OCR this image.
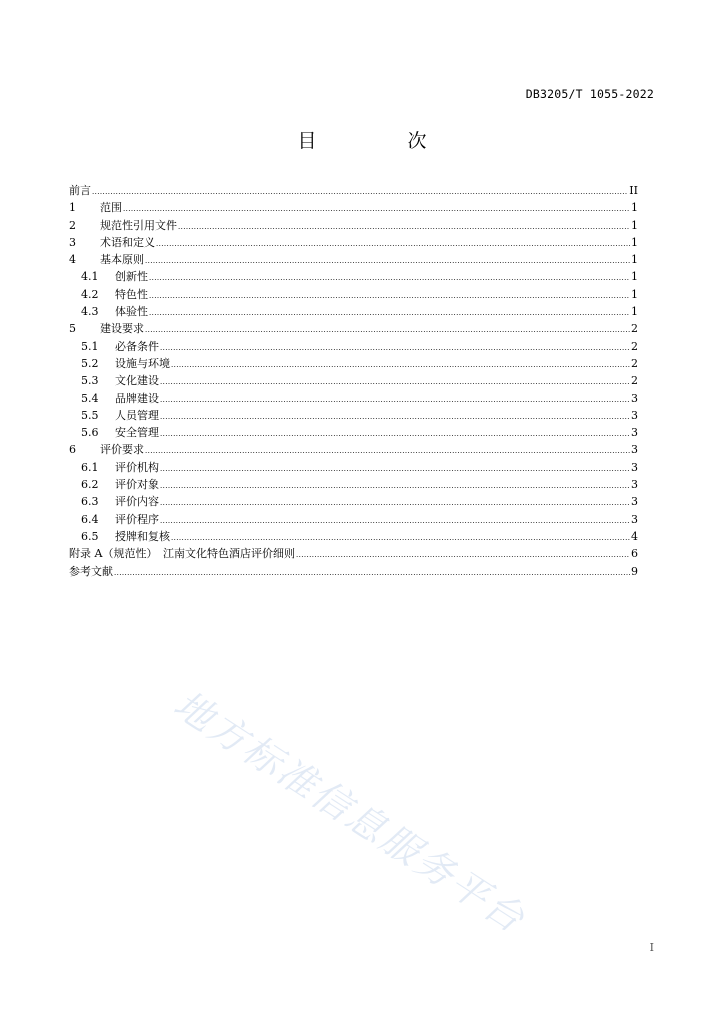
DB3205/T 1055-2022
目　次
前言 .....	II
1	范围 .....	1
2	规范性引用文件 .....	1
3	术语和定义 .....	1
4	基本原则 .....	1
4.1	创新性 .....	1
4.2	特色性 .....	1
4.3	体验性 .....	1
5	建设要求 .....	2
5.1	必备条件 .....	2
5.2	设施与环境 .....	2
5.3	文化建设 .....	2
5.4	品牌建设 .....	3
5.5	人员管理 .....	3
5.6	安全管理 .....	3
6	评价要求 .....	3
6.1	评价机构 .....	3
6.2	评价对象 .....	3
6.3	评价内容 .....	3
6.4	评价程序 .....	3
6.5	授牌和复核 .....	4
附录 A（规范性）　江南文化特色酒店评价细则 .....	6
参考文献 .....	9
地方标准信息服务平台
I
